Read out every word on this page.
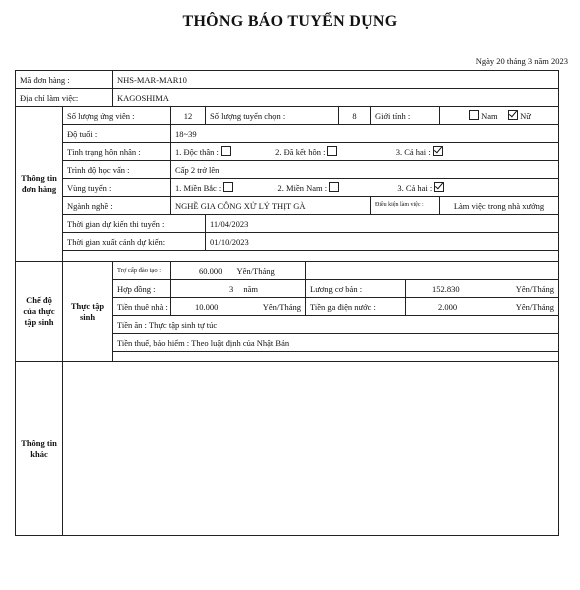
THÔNG BÁO TUYỂN DỤNG
Ngày 20 tháng 3 năm 2023
Mã đơn hàng :		NHS-MAR-MAR10							
Địa chỉ làm việc:		KAGOSHIMA							
Thông tin đơn hàng	Số lượng ứng viên :		12	Số lượng tuyển chọn :		8	Giới tính :		Nam Nữ
	Độ tuổi :		18~39						
	Tình trạng hôn nhân :		1. Độc thân : 2. Đã kết hôn : 3. Cả hai :						
	Trình độ học vấn :		Cấp 2 trở lên						
	Vùng tuyển :		1. Miền Bắc : 2. Miền Nam : 3. Cả hai :						
	Ngành nghề :		NGHỀ GIA CÔNG XỬ LÝ THỊT GÀ				Điều kiện làm việc :		Làm việc trong nhà xưởng
	Thời gian dự kiến thi tuyển :			11/04/2023					
	Thời gian xuất cảnh dự kiến:			01/10/2023					

Chế độ của thực tập sinh	Thực tập sinh	Trợ cấp đào tạo :	60.000 Yên/Tháng						
		Hợp đồng :	3 năm		Lương cơ bản :			152.830 Yên/Tháng	

		Tiền thuê nhà :	10.000 Yên/Tháng		Tiền ga điện nước :			2.000 Yên/Tháng	

		Tiền ăn : Thực tập sinh tự túc							
		Tiền thuế, bảo hiểm : Theo luật định của Nhật Bản							

Thông tin khác									
